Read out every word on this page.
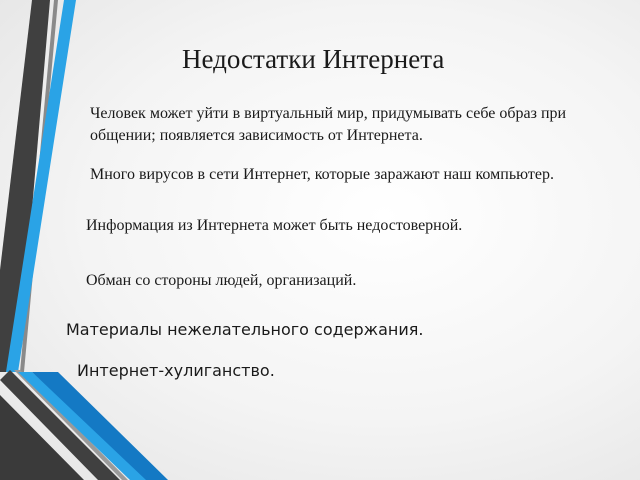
Недостатки Интернета
Человек может уйти в виртуальный мир, придумывать себе образ при общении; появляется зависимость от Интернета.
Много вирусов в сети Интернет, которые заражают наш компьютер.
Информация из Интернета может быть недостоверной.
Обман со стороны людей, организаций.
Материалы нежелательного содержания.
Интернет-хулиганство.
